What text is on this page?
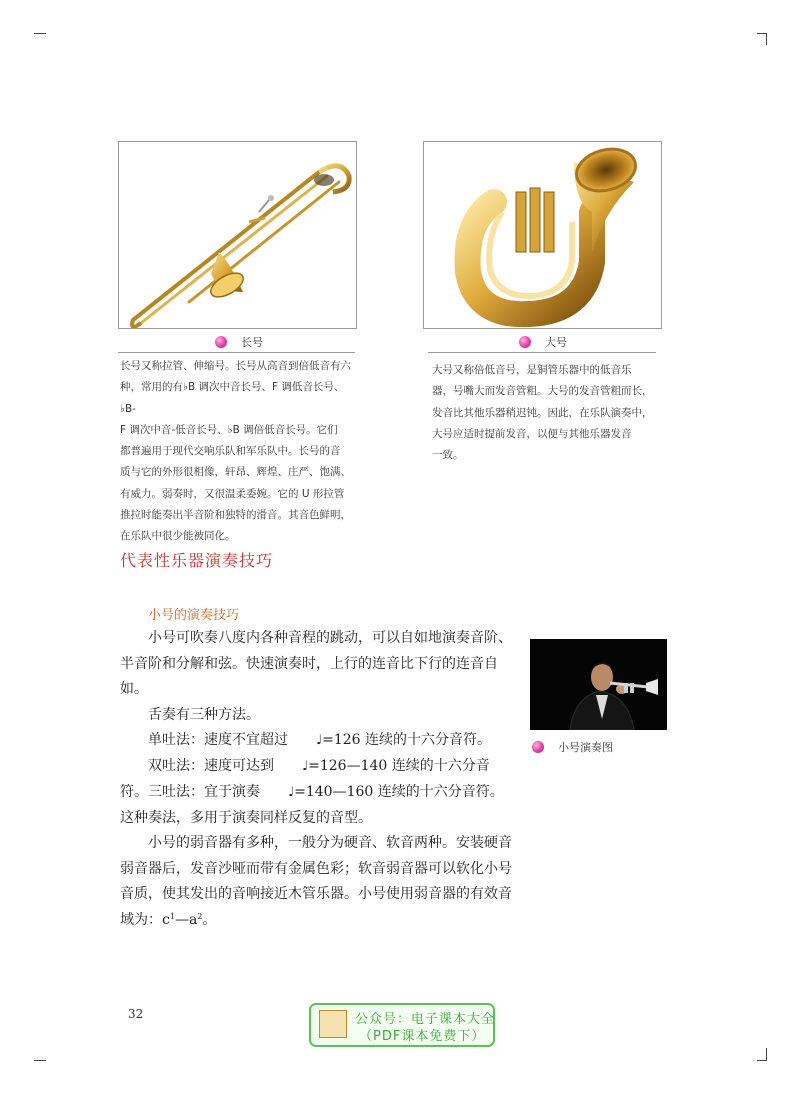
长号
长号又称拉管、伸缩号。长号从高音到倍低音有六
种，常用的有♭B 调次中音长号、F 调低音长号、♭B-
F 调次中音-低音长号、♭B 调倍低音长号。它们
都普遍用于现代交响乐队和军乐队中。长号的音
质与它的外形很相像，轩昂、辉煌、庄严、饱满、
有威力。弱奏时，又很温柔委婉。它的 U 形拉管
推拉时能奏出半音阶和独特的滑音。其音色鲜明，
在乐队中很少能被同化。
大号
大号又称倍低音号，是铜管乐器中的低音乐
器，号嘴大而发音管粗。大号的发音管粗而长，
发音比其他乐器稍迟钝。因此，在乐队演奏中，
大号应适时提前发音，以便与其他乐器发音
一致。
代表性乐器演奏技巧
小号的演奏技巧

小号可吹奏八度内各种音程的跳动，可以自如地演奏音阶、半音阶和分解和弦。快速演奏时，上行的连音比下行的连音自如。

舌奏有三种方法。

单吐法：速度不宜超过 ♩=126 连续的十六分音符。

双吐法：速度可达到 ♩=126—140 连续的十六分音符。 三吐法：宜于演奏 ♩=140—160 连续的十六分音符。这种奏法，多用于演奏同样反复的音型。

小号的弱音器有多种，一般分为硬音、软音两种。安装硬音弱音器后，发音沙哑而带有金属色彩；软音弱音器可以软化小号音质，使其发出的音响接近木管乐器。小号使用弱音器的有效音域为：$c^1—a^2$。

小号演奏图
32	公众号：电子课本大全
（PDF课本免费下）
